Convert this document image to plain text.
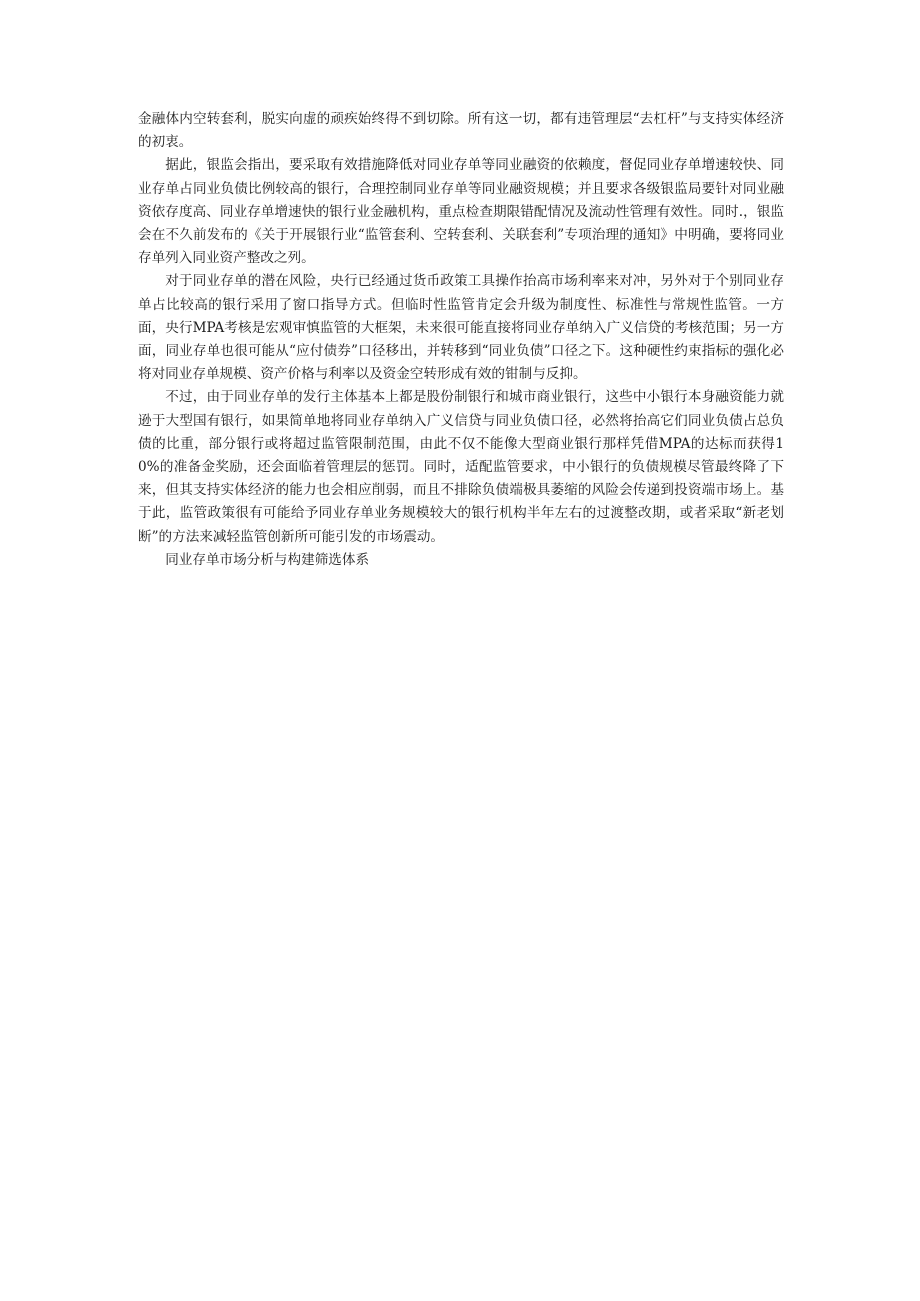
金融体内空转套利，脱实向虚的顽疾始终得不到切除。所有这一切，都有违管理层“去杠杆”与支持实体经济的初衷。

据此，银监会指出，要采取有效措施降低对同业存单等同业融资的依赖度，督促同业存单增速较快、同业存单占同业负债比例较高的银行，合理控制同业存单等同业融资规模；并且要求各级银监局要针对同业融资依存度高、同业存单增速快的银行业金融机构，重点检查期限错配情况及流动性管理有效性。同时.，银监会在不久前发布的《关于开展银行业“监管套利、空转套利、关联套利”专项治理的通知》中明确，要将同业存单列入同业资产整改之列。

对于同业存单的潜在风险，央行已经通过货币政策工具操作抬高市场利率来对冲，另外对于个别同业存单占比较高的银行采用了窗口指导方式。但临时性监管肯定会升级为制度性、标准性与常规性监管。一方面，央行MPA考核是宏观审慎监管的大框架，未来很可能直接将同业存单纳入广义信贷的考核范围；另一方面，同业存单也很可能从“应付债券”口径移出，并转移到“同业负债”口径之下。这种硬性约束指标的强化必将对同业存单规模、资产价格与利率以及资金空转形成有效的钳制与反抑。

不过，由于同业存单的发行主体基本上都是股份制银行和城市商业银行，这些中小银行本身融资能力就逊于大型国有银行，如果简单地将同业存单纳入广义信贷与同业负债口径，必然将抬高它们同业负债占总负债的比重，部分银行或将超过监管限制范围，由此不仅不能像大型商业银行那样凭借MPA的达标而获得10%的准备金奖励，还会面临着管理层的惩罚。同时，适配监管要求，中小银行的负债规模尽管最终降了下来，但其支持实体经济的能力也会相应削弱，而且不排除负债端极具萎缩的风险会传递到投资端市场上。基于此，监管政策很有可能给予同业存单业务规模较大的银行机构半年左右的过渡整改期，或者采取“新老划断”的方法来减轻监管创新所可能引发的市场震动。

同业存单市场分析与构建筛选体系
